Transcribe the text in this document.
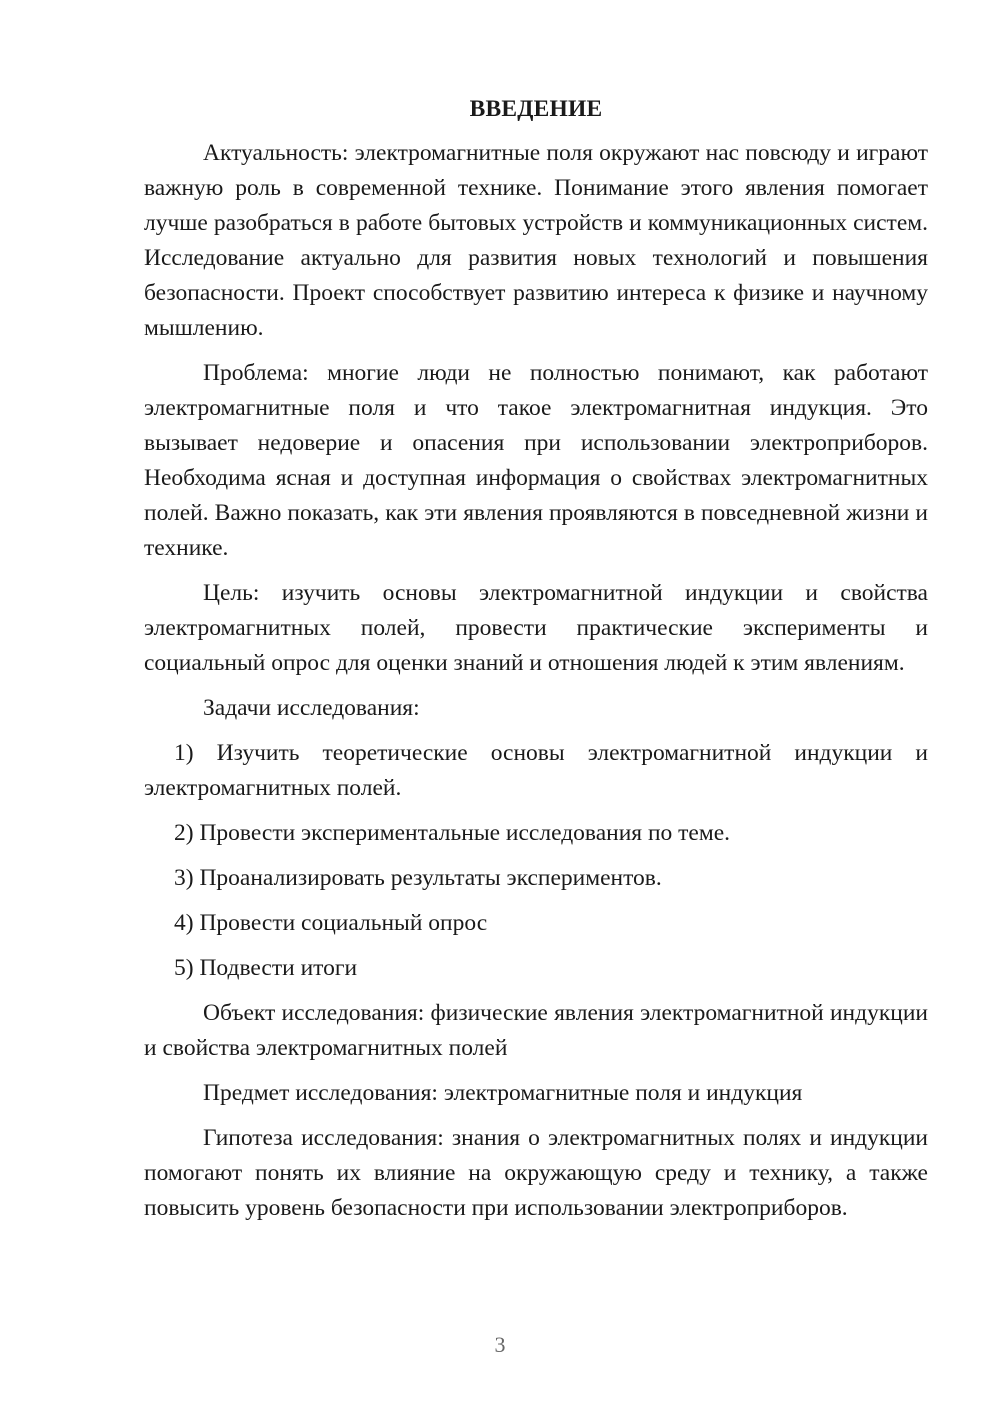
ВВЕДЕНИЕ

Актуальность: электромагнитные поля окружают нас повсюду и играют важную роль в современной технике. Понимание этого явления помогает лучше разобраться в работе бытовых устройств и коммуникационных систем. Исследование актуально для развития новых технологий и повышения безопасности. Проект способствует развитию интереса к физике и научному мышлению.

Проблема: многие люди не полностью понимают, как работают электромагнитные поля и что такое электромагнитная индукция. Это вызывает недоверие и опасения при использовании электроприборов. Необходима ясная и доступная информация о свойствах электромагнитных полей. Важно показать, как эти явления проявляются в повседневной жизни и технике.

Цель: изучить основы электромагнитной индукции и свойства электромагнитных полей, провести практические эксперименты и социальный опрос для оценки знаний и отношения людей к этим явлениям.

Задачи исследования:

1) Изучить теоретические основы электромагнитной индукции и электромагнитных полей.

2) Провести экспериментальные исследования по теме.

3) Проанализировать результаты экспериментов.

4) Провести социальный опрос

5) Подвести итоги

Объект исследования: физические явления электромагнитной индукции и свойства электромагнитных полей

Предмет исследования: электромагнитные поля и индукция

Гипотеза исследования: знания о электромагнитных полях и индукции помогают понять их влияние на окружающую среду и технику, а также повысить уровень безопасности при использовании электроприборов.

3
